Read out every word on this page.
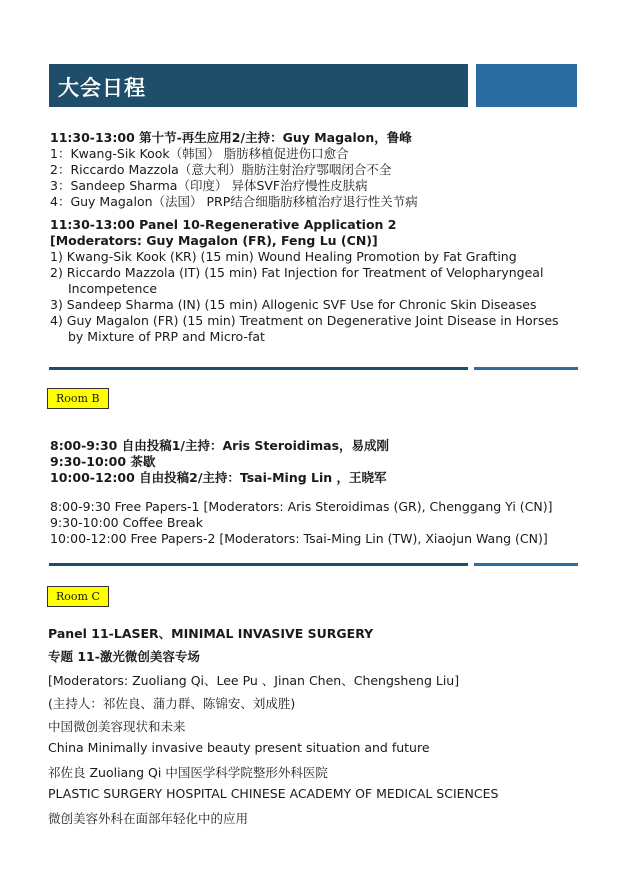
大会日程
11:30-13:00 第十节-再生应用2/主持：Guy Magalon，鲁峰
1：Kwang-Sik Kook（韩国） 脂肪移植促进伤口愈合
2：Riccardo Mazzola（意大利）脂肪注射治疗鄂咽闭合不全
3：Sandeep Sharma（印度） 异体SVF治疗慢性皮肤病
4：Guy Magalon（法国） PRP结合细脂肪移植治疗退行性关节病
11:30-13:00 Panel 10-Regenerative Application 2
[Moderators: Guy Magalon (FR), Feng Lu (CN)]
1) Kwang-Sik Kook (KR) (15 min) Wound Healing Promotion by Fat Grafting
2) Riccardo Mazzola (IT) (15 min) Fat Injection for Treatment of Velopharyngeal
Incompetence
3) Sandeep Sharma (IN) (15 min) Allogenic SVF Use for Chronic Skin Diseases
4) Guy Magalon (FR) (15 min) Treatment on Degenerative Joint Disease in Horses
by Mixture of PRP and Micro-fat
Room B
8:00-9:30 自由投稿1/主持：Aris Steroidimas，易成刚
9:30-10:00 茶歇
10:00-12:00 自由投稿2/主持：Tsai-Ming Lin ，王晓军
8:00-9:30 Free Papers-1 [Moderators: Aris Steroidimas (GR), Chenggang Yi (CN)]
9:30-10:00 Coffee Break
10:00-12:00 Free Papers-2 [Moderators: Tsai-Ming Lin (TW), Xiaojun Wang (CN)]
Room C
Panel 11-LASER、MINIMAL INVASIVE SURGERY
专题 11-激光微创美容专场
[Moderators: Zuoliang Qi、Lee Pu 、Jinan Chen、Chengsheng Liu]
(主持人：祁佐良、蒲力群、陈锦安、刘成胜)
中国微创美容现状和未来
China Minimally invasive beauty present situation and future
祁佐良 Zuoliang Qi 中国医学科学院整形外科医院
PLASTIC SURGERY HOSPITAL CHINESE ACADEMY OF MEDICAL SCIENCES
微创美容外科在面部年轻化中的应用
